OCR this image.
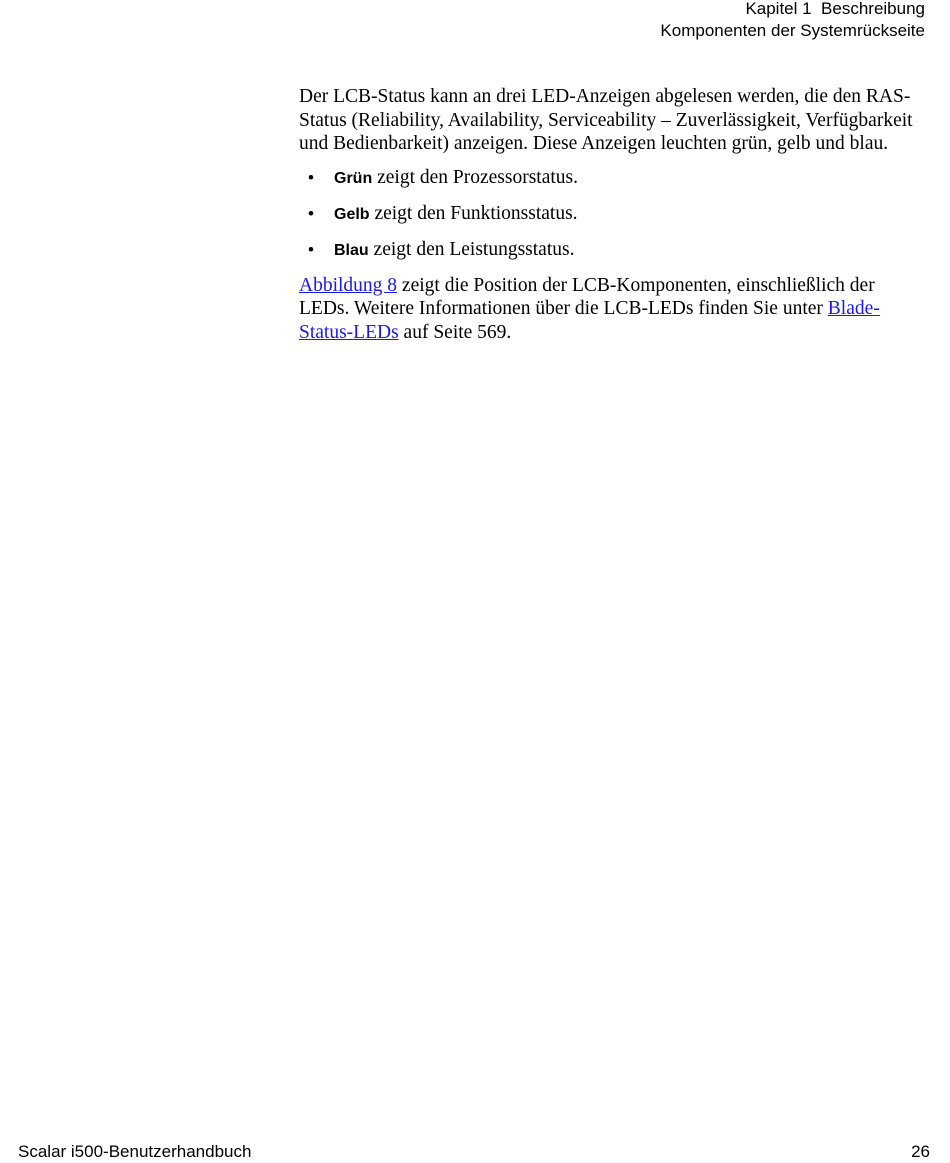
Kapitel 1  Beschreibung
Komponenten der Systemrückseite

Der LCB-Status kann an drei LED-Anzeigen abgelesen werden, die den RAS-Status (Reliability, Availability, Serviceability – Zuverlässigkeit, Verfügbarkeit und Bedienbarkeit) anzeigen. Diese Anzeigen leuchten grün, gelb und blau.

• Grün zeigt den Prozessorstatus.
• Gelb zeigt den Funktionsstatus.
• Blau zeigt den Leistungsstatus.

Abbildung 8 zeigt die Position der LCB-Komponenten, einschließlich der LEDs. Weitere Informationen über die LCB-LEDs finden Sie unter Blade-Status-LEDs auf Seite 569.

Scalar i500-Benutzerhandbuch	26
